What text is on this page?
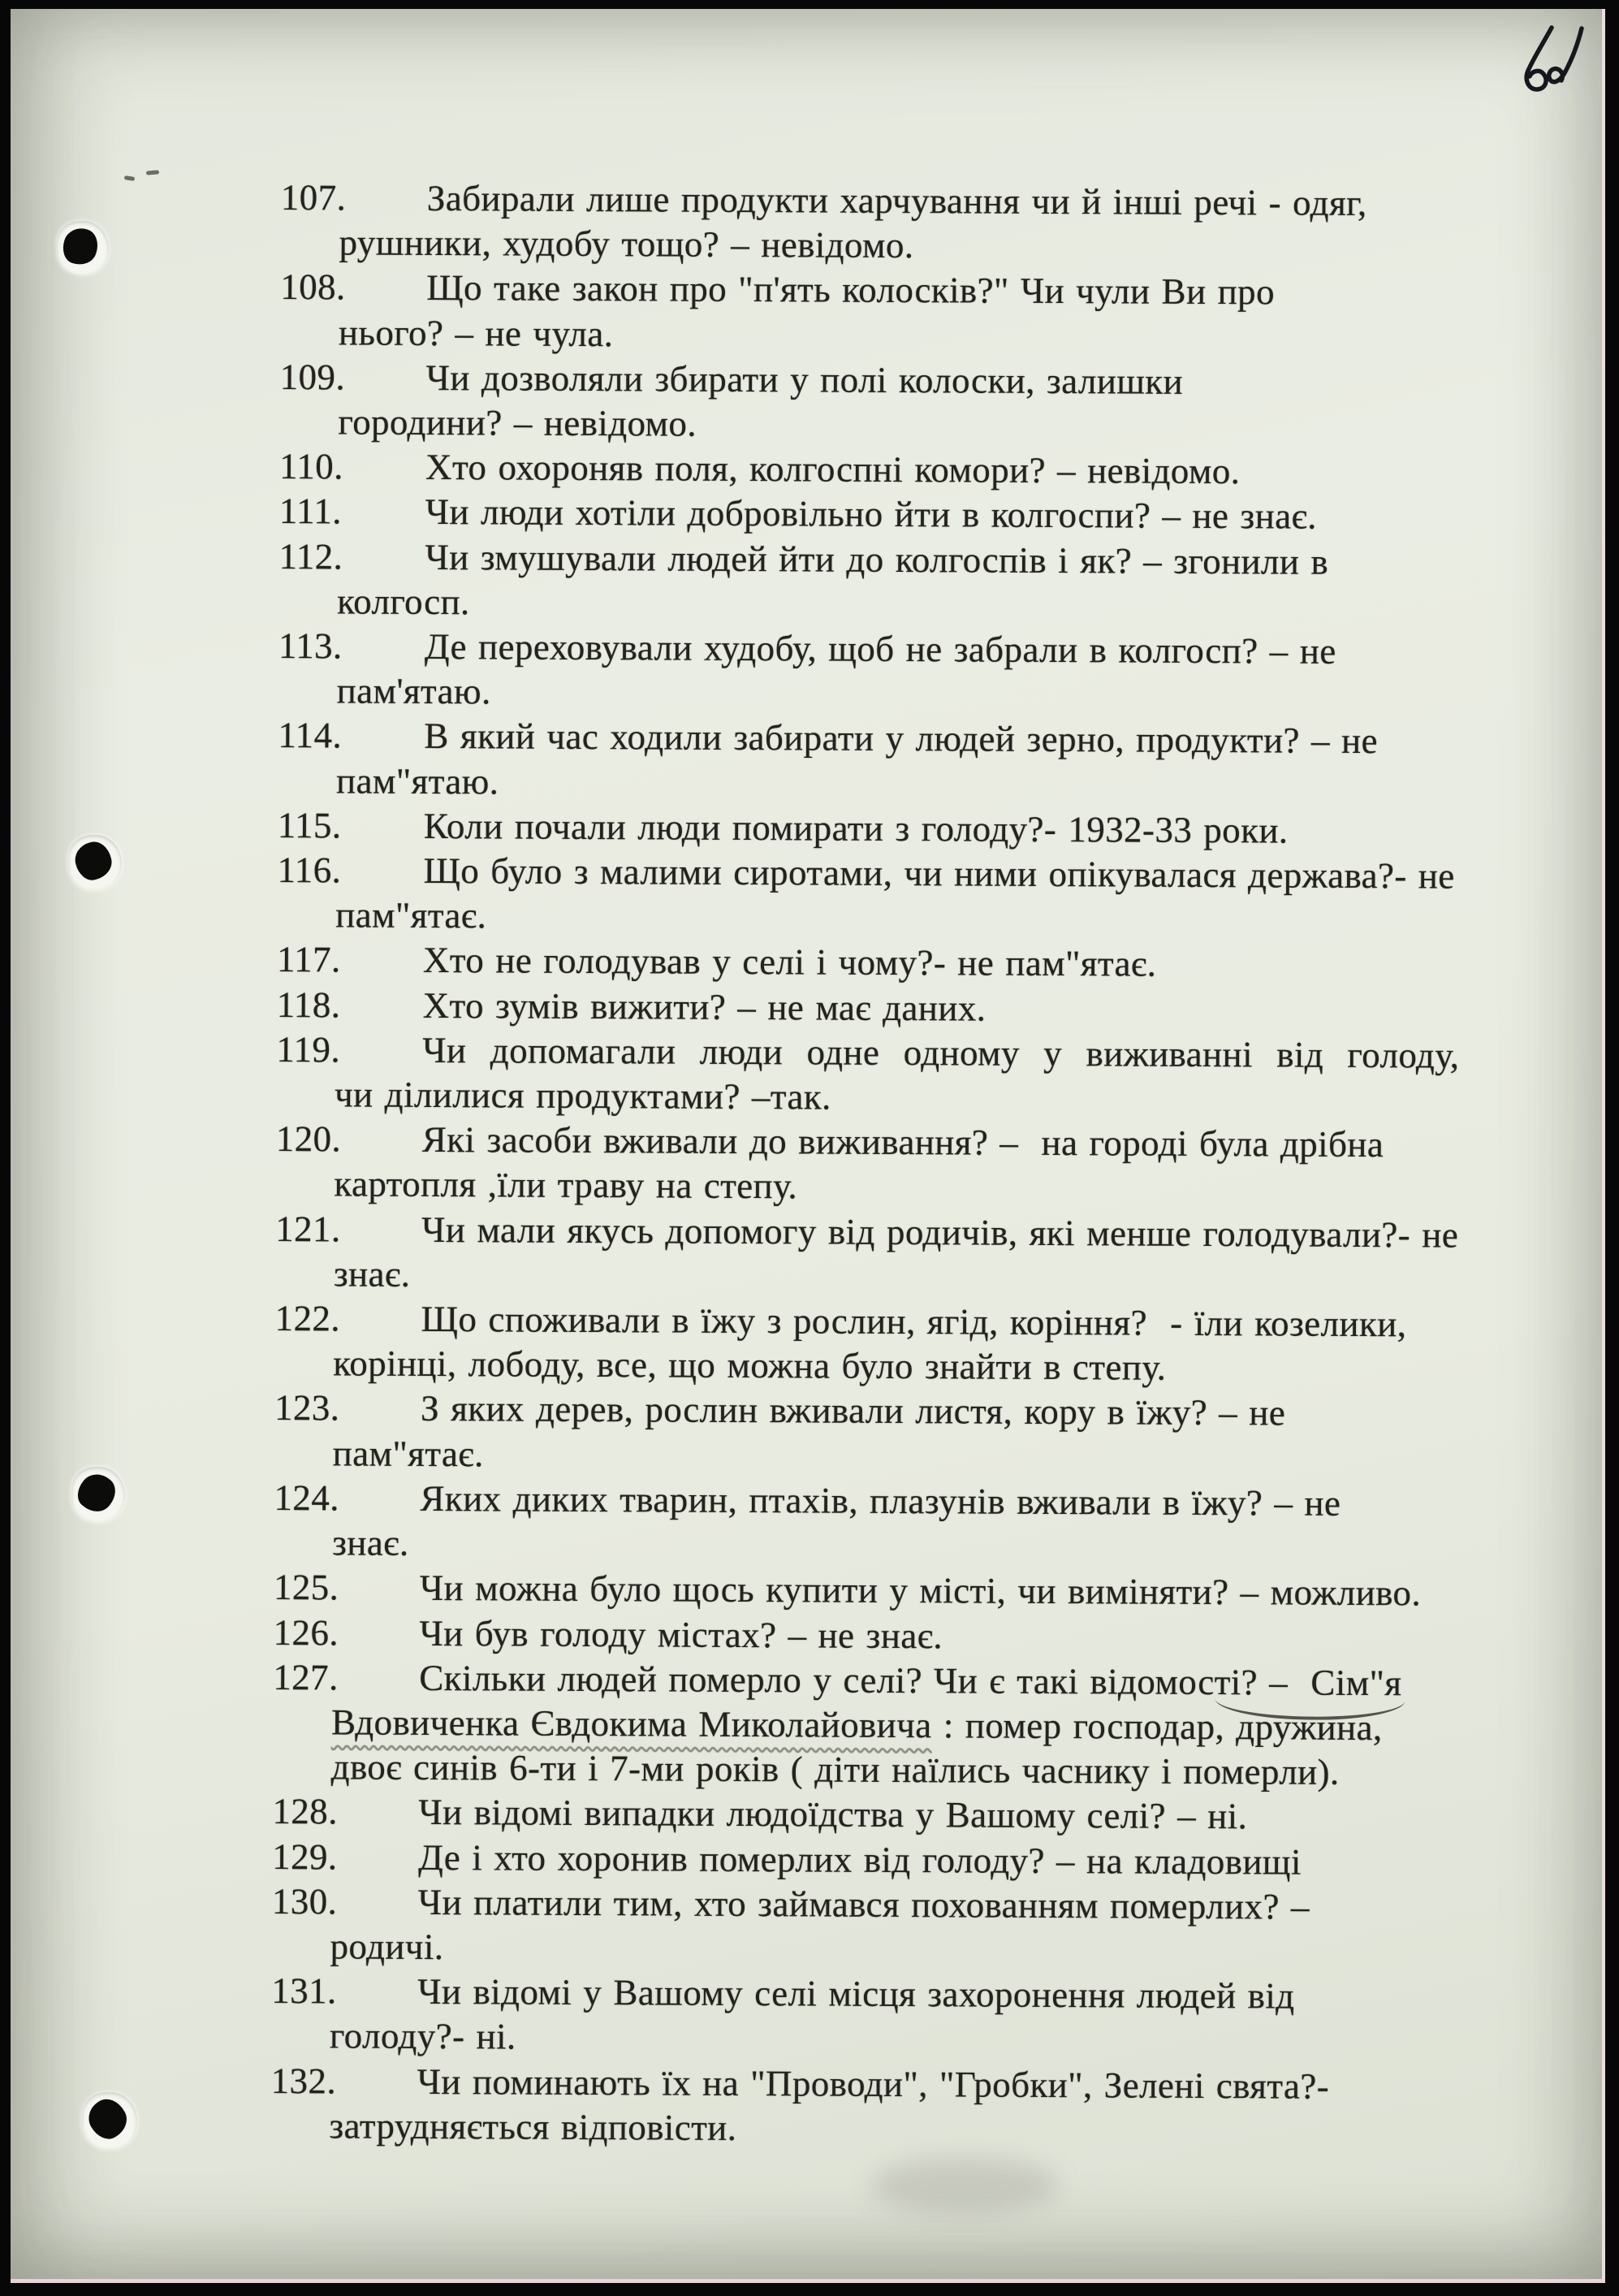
107.	Забирали лише продукти харчування чи й інші речі - одяг,
рушники, худобу тощо? – невідомо.
108.	Що таке закон про "п'ять колосків?" Чи чули Ви про
нього? – не чула.
109.	Чи дозволяли збирати у полі колоски, залишки
городини? – невідомо.
110.	Хто охороняв поля, колгоспні комори? – невідомо.
111.	Чи люди хотіли добровільно йти в колгоспи? – не знає.
112.	Чи змушували людей йти до колгоспів і як? – згонили в
колгосп.
113.	Де переховували худобу, щоб не забрали в колгосп? – не
пам'ятаю.
114.	В який час ходили забирати у людей зерно, продукти? – не
пам"ятаю.
115.	Коли почали люди помирати з голоду?- 1932-33 роки.
116.	Що було з малими сиротами, чи ними опікувалася держава?- не
пам"ятає.
117.	Хто не голодував у селі і чому?- не пам"ятає.
118.	Хто зумів вижити? – не має даних.
119.	Чи допомагали люди одне одному у виживанні від голоду,
чи ділилися продуктами? –так.
120.	Які засоби вживали до виживання? –  на городі була дрібна
картопля ,їли траву на степу.
121.	Чи мали якусь допомогу від родичів, які менше голодували?- не
знає.
122.	Що споживали в їжу з рослин, ягід, коріння?  - їли козелики,
корінці, лободу, все, що можна було знайти в степу.
123.	З яких дерев, рослин вживали листя, кору в їжу? – не
пам"ятає.
124.	Яких диких тварин, птахів, плазунів вживали в їжу? – не
знає.
125.	Чи можна було щось купити у місті, чи виміняти? – можливо.
126.	Чи був голоду містах? – не знає.
127.	Скільки людей померло у селі? Чи є такі відомості? –  Сім"я
Вдовиченка Євдокима Миколайовича : помер господар, дружина,
двоє синів 6-ти і 7-ми років ( діти наїлись часнику і померли).
128.	Чи відомі випадки людоїдства у Вашому селі? – ні.
129.	Де і хто хоронив померлих від голоду? – на кладовищі
130.	Чи платили тим, хто займався похованням померлих? –
родичі.
131.	Чи відомі у Вашому селі місця захоронення людей від
голоду?- ні.
132.	Чи поминають їх на "Проводи", "Гробки", Зелені свята?-
затрудняється відповісти.
